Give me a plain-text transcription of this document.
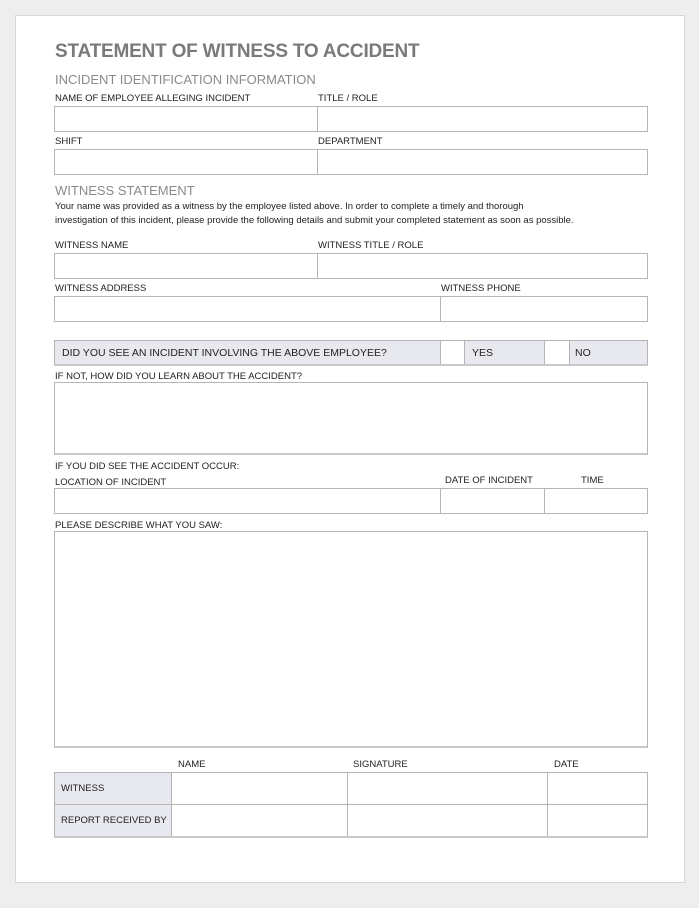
STATEMENT OF WITNESS TO ACCIDENT
INCIDENT IDENTIFICATION INFORMATION
NAME OF EMPLOYEE ALLEGING INCIDENT	TITLE / ROLE
SHIFT	DEPARTMENT
WITNESS STATEMENT
Your name was provided as a witness by the employee listed above. In order to complete a timely and thorough
investigation of this incident, please provide the following details and submit your completed statement as soon as possible.
WITNESS NAME	WITNESS TITLE / ROLE
WITNESS ADDRESS	WITNESS PHONE
DID YOU SEE AN INCIDENT INVOLVING THE ABOVE EMPLOYEE?	YES	NO
IF NOT, HOW DID YOU LEARN ABOUT THE ACCIDENT?
IF YOU DID SEE THE ACCIDENT OCCUR:
LOCATION OF INCIDENT	DATE OF INCIDENT	TIME
PLEASE DESCRIBE WHAT YOU SAW:
NAME	SIGNATURE	DATE
WITNESS
REPORT RECEIVED BY
